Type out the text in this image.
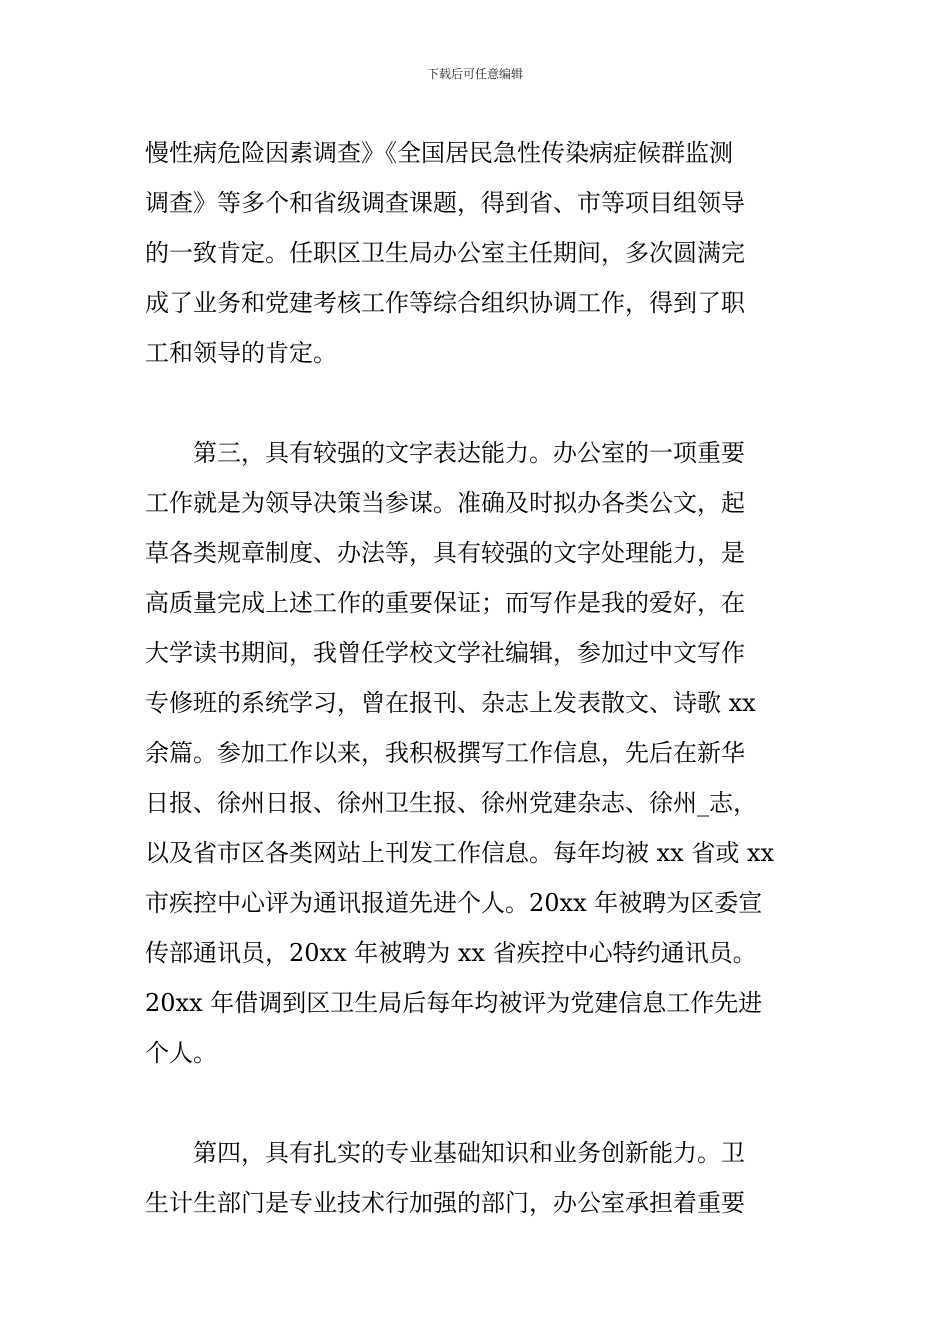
下载后可任意编辑
慢性病危险因素调查》《全国居民急性传染病症候群监测
调查》等多个和省级调查课题，得到省、市等项目组领导
的一致肯定。任职区卫生局办公室主任期间，多次圆满完
成了业务和党建考核工作等综合组织协调工作，得到了职
工和领导的肯定。
　　第三，具有较强的文字表达能力。办公室的一项重要
工作就是为领导决策当参谋。准确及时拟办各类公文，起
草各类规章制度、办法等，具有较强的文字处理能力，是
高质量完成上述工作的重要保证；而写作是我的爱好，在
大学读书期间，我曾任学校文学社编辑，参加过中文写作
专修班的系统学习，曾在报刊、杂志上发表散文、诗歌 xx
余篇。参加工作以来，我积极撰写工作信息，先后在新华
日报、徐州日报、徐州卫生报、徐州党建杂志、徐州_志，
以及省市区各类网站上刊发工作信息。每年均被 xx 省或 xx
市疾控中心评为通讯报道先进个人。20xx 年被聘为区委宣
传部通讯员，20xx 年被聘为 xx 省疾控中心特约通讯员。
20xx 年借调到区卫生局后每年均被评为党建信息工作先进
个人。
　　第四，具有扎实的专业基础知识和业务创新能力。卫
生计生部门是专业技术行加强的部门，办公室承担着重要
